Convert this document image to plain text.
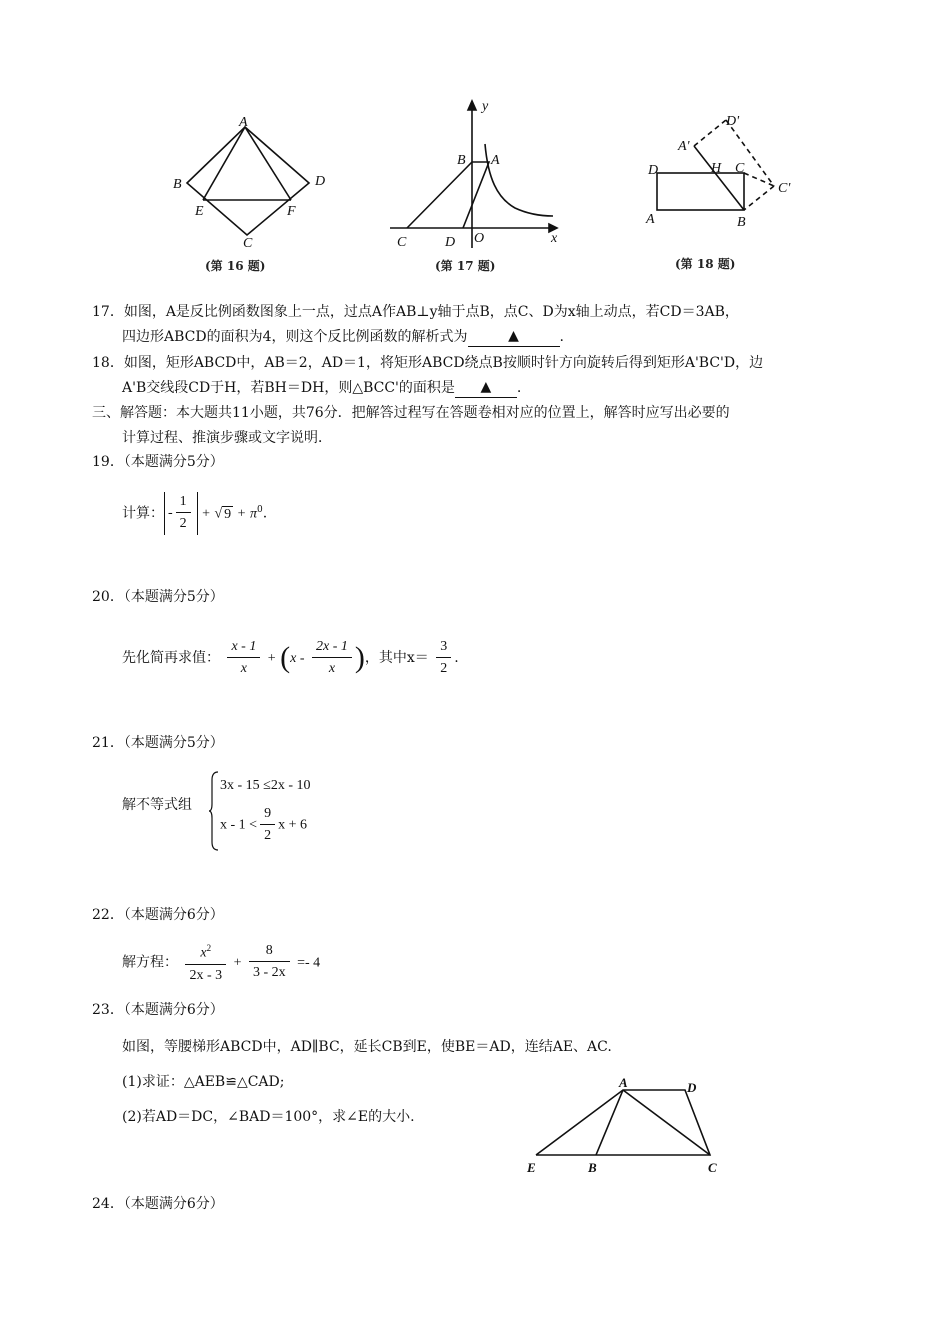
A
B	D
E	F
C
(第 16 题)
y
B A
C	D O	x
(第 17 题)
D	H C
A	B
A'
D'
C'
(第 18 题)
17．如图，A是反比例函数图象上一点，过点A作AB⊥y轴于点B，点C、D为x轴上动点，若CD＝3AB，
四边形ABCD的面积为4，则这个反比例函数的解析式为	▲	.
18．如图，矩形ABCD中，AB＝2，AD＝1，将矩形ABCD绕点B按顺时针方向旋转后得到矩形A'BC'D，边
A'B交线段CD于H，若BH＝DH，则△BCC'的面积是 ▲ .
三、解答题：本大题共11小题，共76分．把解答过程写在答题卷相对应的位置上，解答时应写出必要的
计算过程、推演步骤或文字说明．
19．（本题满分5分）
计算： - $\frac{1}{2}$ + √ $9 + \pi^0$.
20．（本题满分5分）
先化简再求值： $\frac{x - 1}{x} + (x - \frac{2x - 1}{x}$ )，其中$x= \frac{3}{2}$ .
21．（本题满分5分）
解不等式组
3x - 15 ≤2x - 10
$x - 1 < \frac{9}{2}$ x + 6
22．（本题满分6分）
解方程： $\frac{x^2}{2x - 3} + \frac{8}{3 - 2x} =- 4$
23．（本题满分6分）
如图，等腰梯形ABCD中，AD∥BC，延长CB到E，使BE＝AD，连结AE、AC.
(1)求证：△AEB≌△CAD;
(2)若AD＝DC，∠BAD＝100°，求∠E的大小.
A	D
E	B	C
24．（本题满分6分）
